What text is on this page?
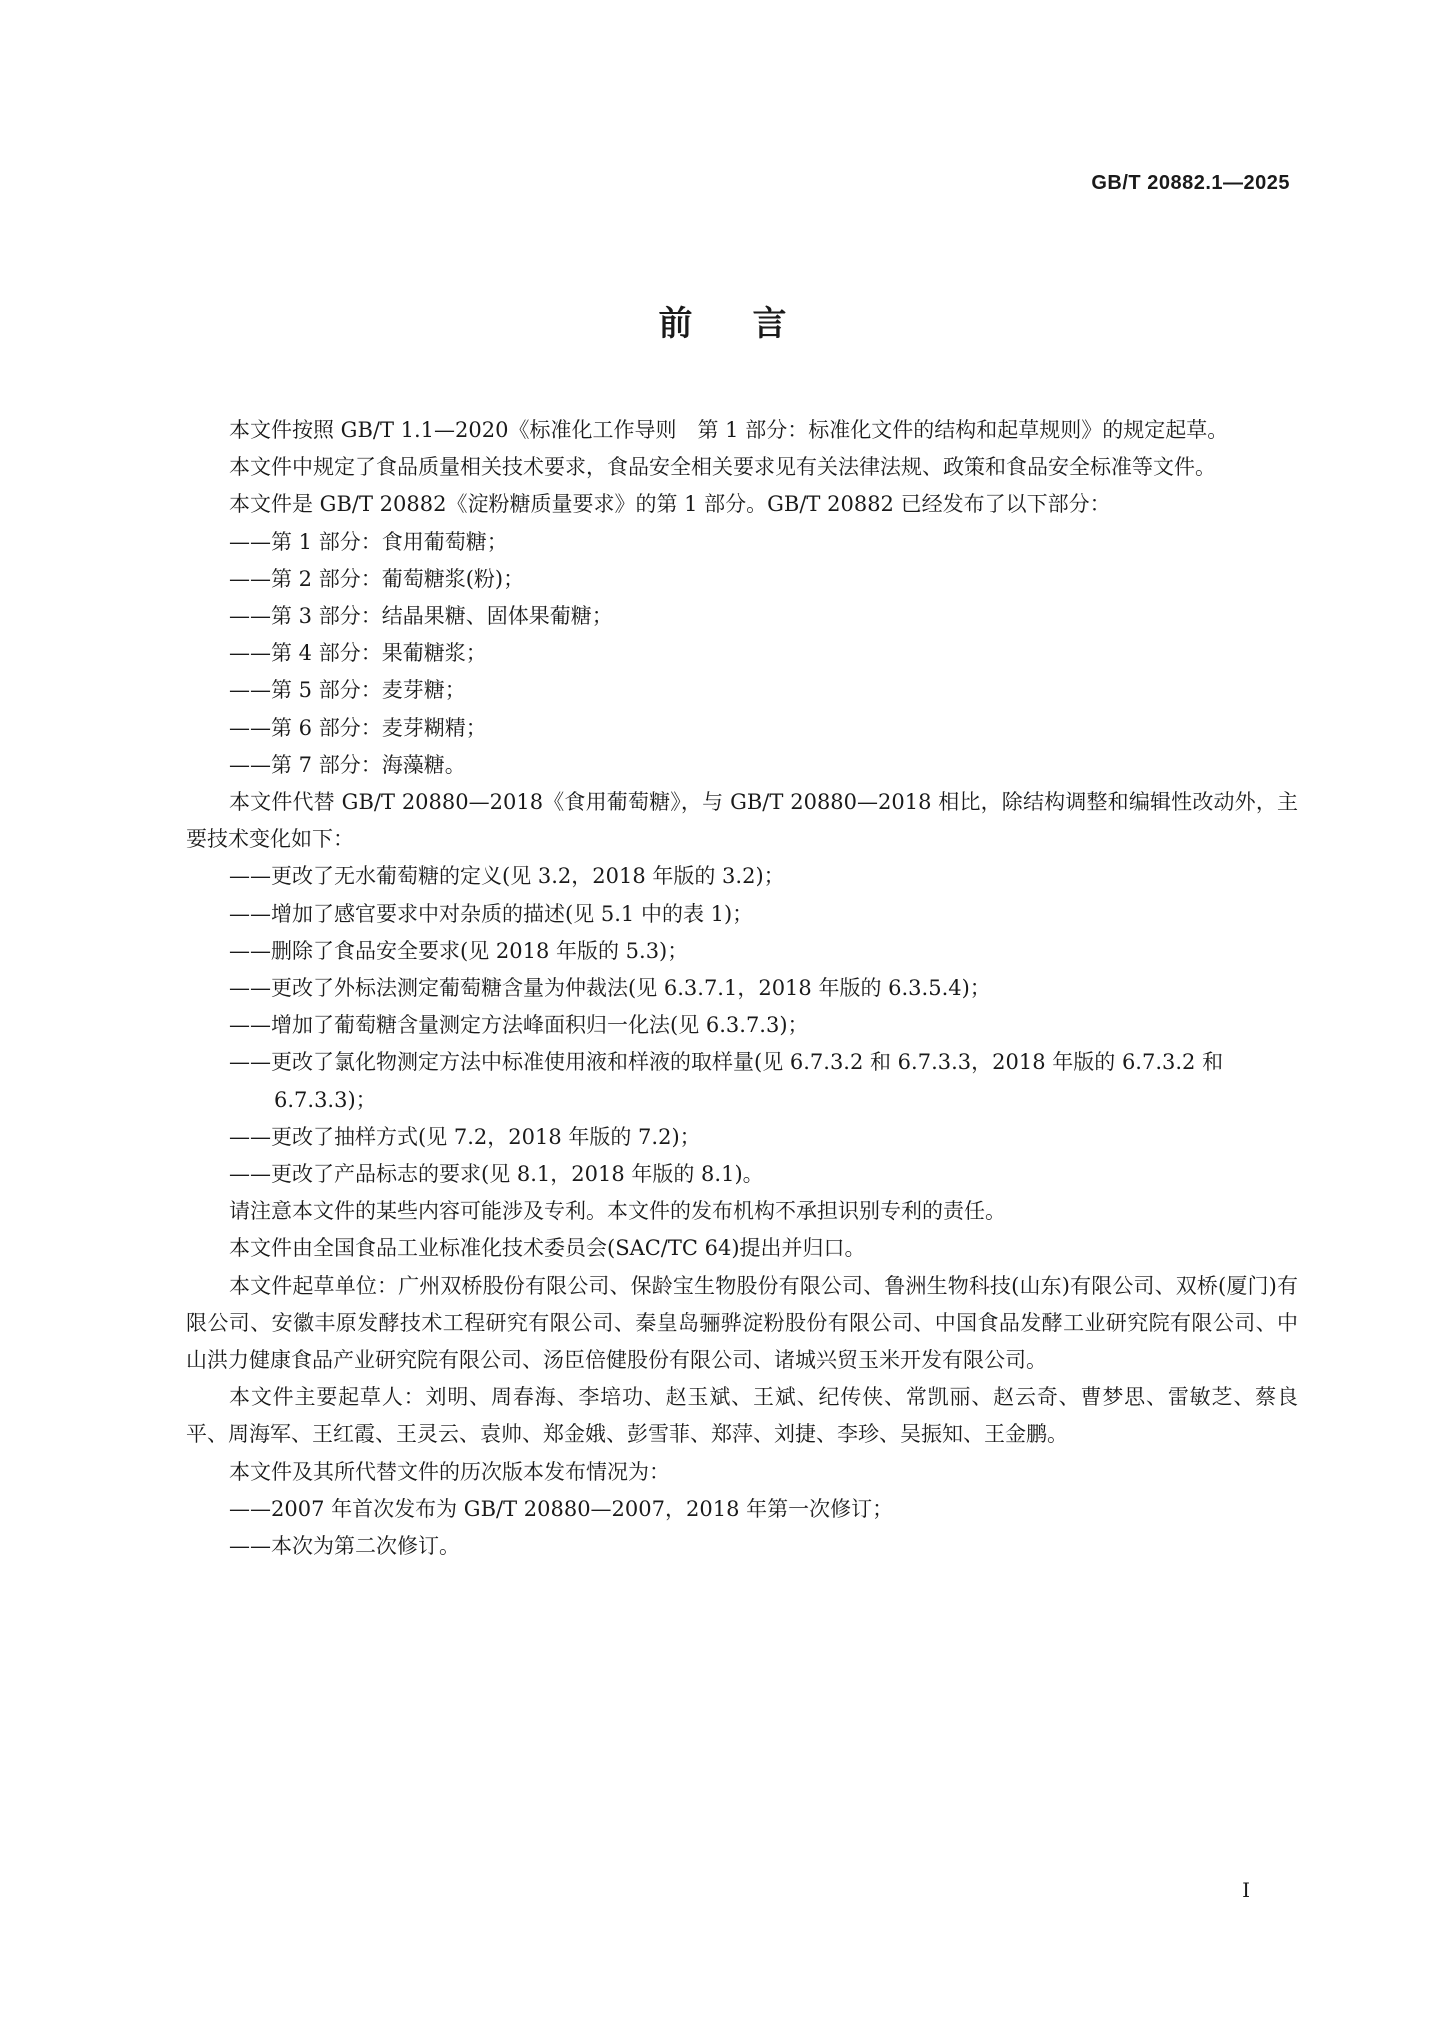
GB/T 20882.1—2025
前言

本文件按照 GB/T 1.1—2020《标准化工作导则　第 1 部分：标准化文件的结构和起草规则》的规定起草。

本文件中规定了食品质量相关技术要求，食品安全相关要求见有关法律法规、政策和食品安全标准等文件。

本文件是 GB/T 20882《淀粉糖质量要求》的第 1 部分。GB/T 20882 已经发布了以下部分：

——第 1 部分：食用葡萄糖；

——第 2 部分：葡萄糖浆(粉)；

——第 3 部分：结晶果糖、固体果葡糖；

——第 4 部分：果葡糖浆；

——第 5 部分：麦芽糖；

——第 6 部分：麦芽糊精；

——第 7 部分：海藻糖。

本文件代替 GB/T 20880—2018《食用葡萄糖》，与 GB/T 20880—2018 相比，除结构调整和编辑性改动外，主要技术变化如下：

——更改了无水葡萄糖的定义(见 3.2，2018 年版的 3.2)；

——增加了感官要求中对杂质的描述(见 5.1 中的表 1)；

——删除了食品安全要求(见 2018 年版的 5.3)；

——更改了外标法测定葡萄糖含量为仲裁法(见 6.3.7.1，2018 年版的 6.3.5.4)；

——增加了葡萄糖含量测定方法峰面积归一化法(见 6.3.7.3)；

——更改了氯化物测定方法中标准使用液和样液的取样量(见 6.7.3.2 和 6.7.3.3，2018 年版的 6.7.3.2 和 6.7.3.3)；

——更改了抽样方式(见 7.2，2018 年版的 7.2)；

——更改了产品标志的要求(见 8.1，2018 年版的 8.1)。

请注意本文件的某些内容可能涉及专利。本文件的发布机构不承担识别专利的责任。

本文件由全国食品工业标准化技术委员会(SAC/TC 64)提出并归口。

本文件起草单位：广州双桥股份有限公司、保龄宝生物股份有限公司、鲁洲生物科技(山东)有限公司、双桥(厦门)有限公司、安徽丰原发酵技术工程研究有限公司、秦皇岛骊骅淀粉股份有限公司、中国食品发酵工业研究院有限公司、中山洪力健康食品产业研究院有限公司、汤臣倍健股份有限公司、诸城兴贸玉米开发有限公司。

本文件主要起草人：刘明、周春海、李培功、赵玉斌、王斌、纪传侠、常凯丽、赵云奇、曹梦思、雷敏芝、蔡良平、周海军、王红霞、王灵云、袁帅、郑金娥、彭雪菲、郑萍、刘捷、李珍、吴振知、王金鹏。

本文件及其所代替文件的历次版本发布情况为：

——2007 年首次发布为 GB/T 20880—2007，2018 年第一次修订；

——本次为第二次修订。

I
